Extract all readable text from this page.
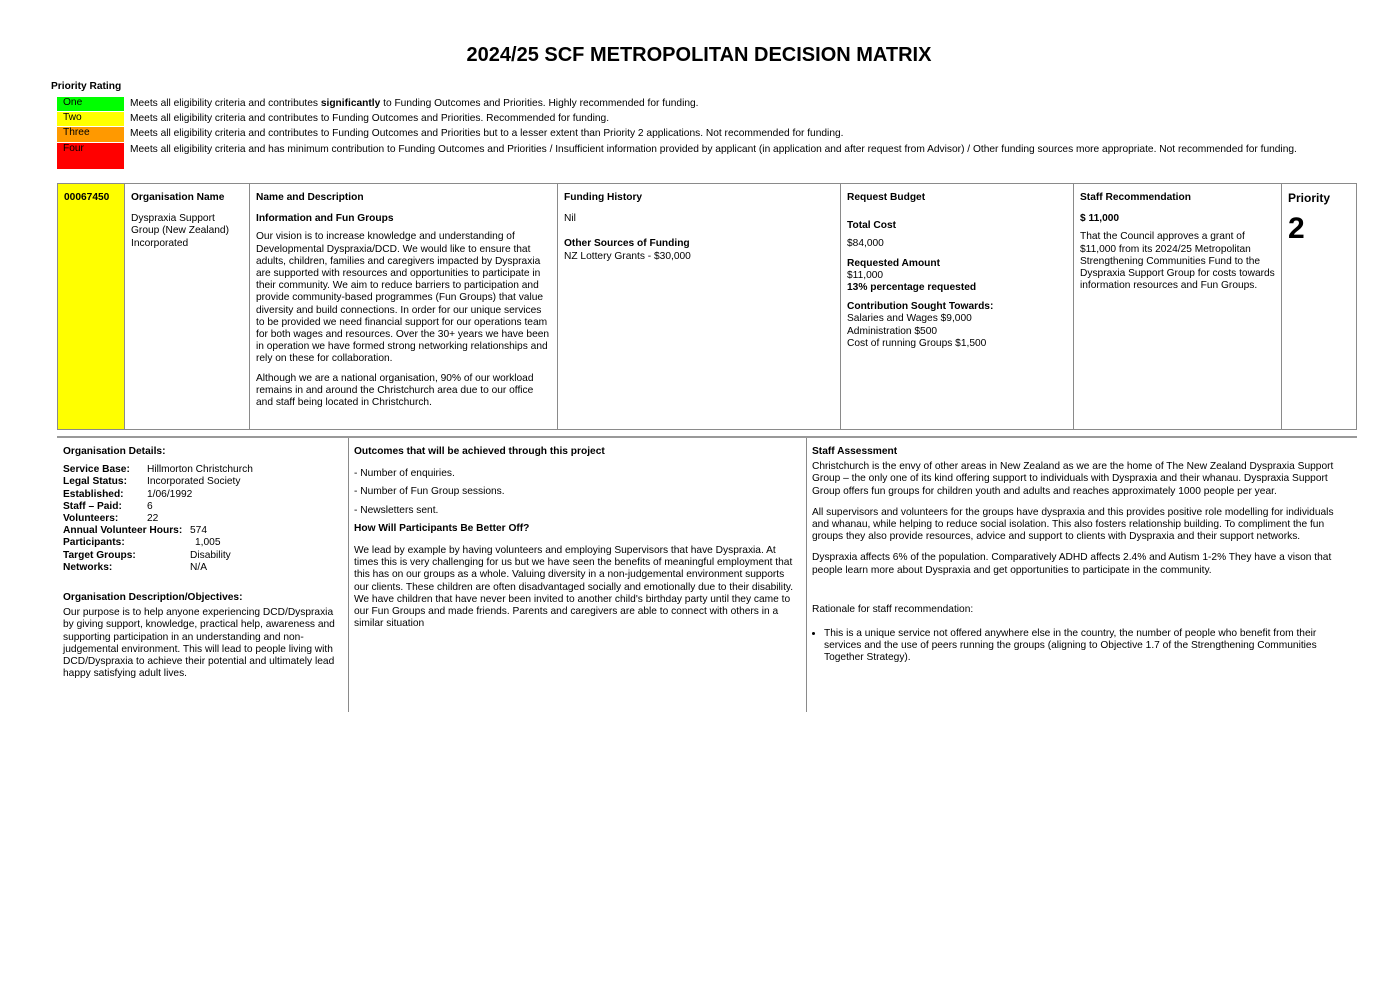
2024/25 SCF METROPOLITAN DECISION MATRIX
Priority Rating
One	Meets all eligibility criteria and contributes significantly to Funding Outcomes and Priorities. Highly recommended for funding.
Two	Meets all eligibility criteria and contributes to Funding Outcomes and Priorities. Recommended for funding.
Three	Meets all eligibility criteria and contributes to Funding Outcomes and Priorities but to a lesser extent than Priority 2 applications. Not recommended for funding.
Four	Meets all eligibility criteria and has minimum contribution to Funding Outcomes and Priorities / Insufficient information provided by applicant (in application and after request from Advisor) / Other funding sources more appropriate. Not recommended for funding.
00067450	Organisation Name
Dyspraxia Support Group (New Zealand) Incorporated
Name and Description
Information and Fun Groups

Our vision is to increase knowledge and understanding of Developmental Dyspraxia/DCD. We would like to ensure that adults, children, families and caregivers impacted by Dyspraxia are supported with resources and opportunities to participate in their community. We aim to reduce barriers to participation and provide community-based programmes (Fun Groups) that value diversity and build connections. In order for our unique services to be provided we need financial support for our operations team for both wages and resources. Over the 30+ years we have been in operation we have formed strong networking relationships and rely on these for collaboration.

Although we are a national organisation, 90% of our workload remains in and around the Christchurch area due to our office and staff being located in Christchurch.

Funding History
Nil
Other Sources of Funding
NZ Lottery Grants - $30,000
Request Budget
Total Cost
$84,000
Requested Amount
$11,000
13% percentage requested
Contribution Sought Towards:
Salaries and Wages $9,000
Administration $500
Cost of running Groups $1,500
Staff Recommendation
$ 11,000

That the Council approves a grant of $11,000 from its 2024/25 Metropolitan Strengthening Communities Fund to the Dyspraxia Support Group for costs towards information resources and Fun Groups.

Priority
2
Organisation Details:
Service Base: Hillmorton Christchurch
Legal Status: Incorporated Society
Established: 1/06/1992
Staff – Paid: 6
Volunteers:	22
Annual Volunteer Hours: 574
Participants:	1,005
Target Groups:	Disability
Networks:	N/A
Organisation Description/Objectives:

Our purpose is to help anyone experiencing DCD/Dyspraxia by giving support, knowledge, practical help, awareness and supporting participation in an understanding and non-judgemental environment. This will lead to people living with DCD/Dyspraxia to achieve their potential and ultimately lead happy satisfying adult lives.

Outcomes that will be achieved through this project
- Number of enquiries.
- Number of Fun Group sessions.
- Newsletters sent.
How Will Participants Be Better Off?

We lead by example by having volunteers and employing Supervisors that have Dyspraxia. At times this is very challenging for us but we have seen the benefits of meaningful employment that this has on our groups as a whole. Valuing diversity in a non-judgemental environment supports our clients. These children are often disadvantaged socially and emotionally due to their disability. We have children that have never been invited to another child's birthday party until they came to our Fun Groups and made friends. Parents and caregivers are able to connect with others in a similar situation

Staff Assessment

Christchurch is the envy of other areas in New Zealand as we are the home of The New Zealand Dyspraxia Support Group – the only one of its kind offering support to individuals with Dyspraxia and their whanau. Dyspraxia Support Group offers fun groups for children youth and adults and reaches approximately 1000 people per year.

All supervisors and volunteers for the groups have dyspraxia and this provides positive role modelling for individuals and whanau, while helping to reduce social isolation. This also fosters relationship building. To compliment the fun groups they also provide resources, advice and support to clients with Dyspraxia and their support networks.

Dyspraxia affects 6% of the population. Comparatively ADHD affects 2.4% and Autism 1-2% They have a vison that people learn more about Dyspraxia and get opportunities to participate in the community.

Rationale for staff recommendation:
• This is a unique service not offered anywhere else in the country, the number of people who benefit from their services and the use of peers running the groups (aligning to Objective 1.7 of the Strengthening Communities Together Strategy).
